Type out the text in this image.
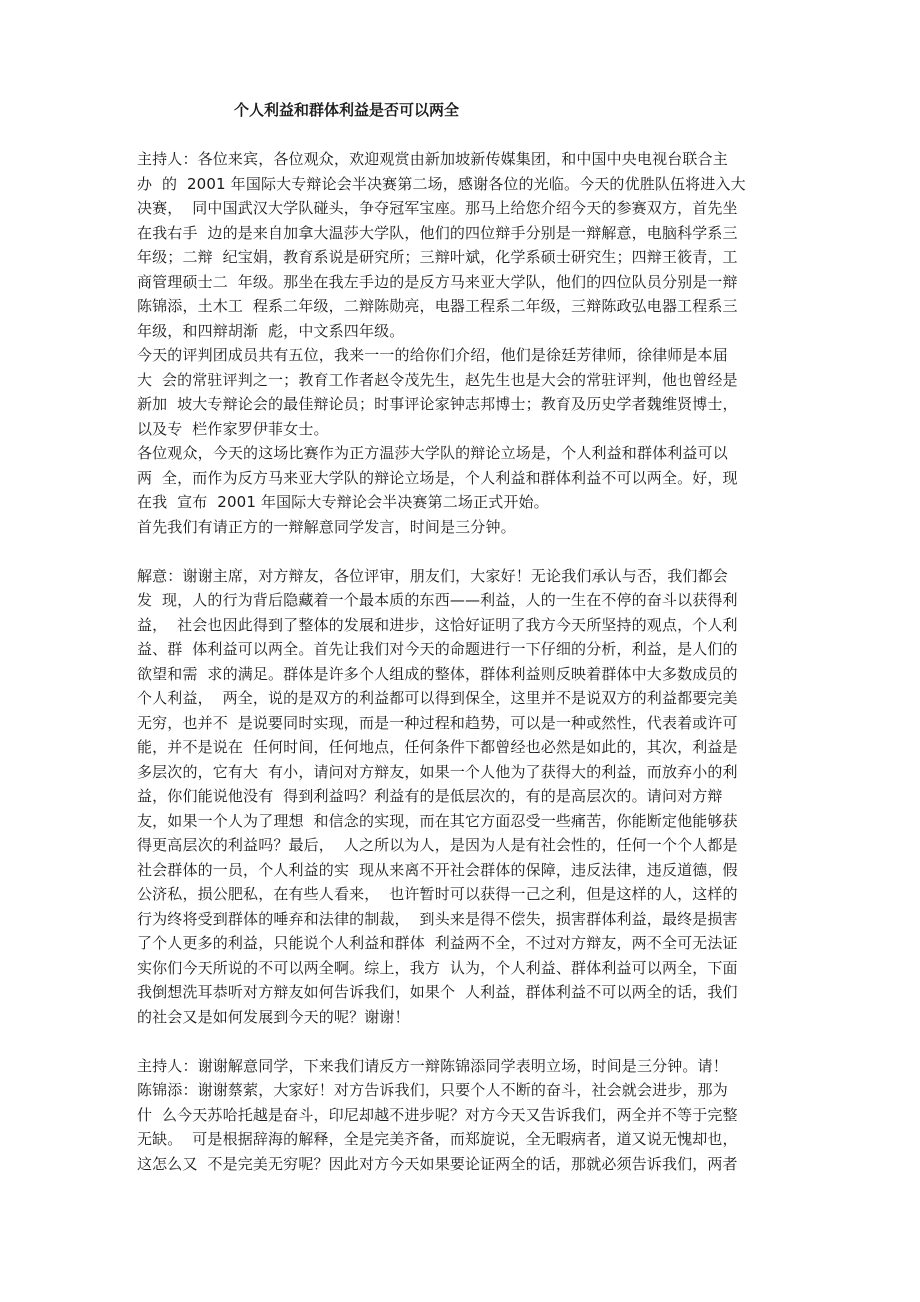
个人利益和群体利益是否可以两全

主持人：各位来宾，各位观众，欢迎观赏由新加坡新传媒集团，和中国中央电视台联合主

办  的  2001 年国际大专辩论会半决赛第二场，感谢各位的光临。今天的优胜队伍将进入大

决赛，  同中国武汉大学队碰头，争夺冠军宝座。那马上给您介绍今天的参赛双方，首先坐

在我右手  边的是来自加拿大温莎大学队，他们的四位辩手分别是一辩解意，电脑科学系三

年级；二辩  纪宝娟，教育系说是研究所；三辩叶斌，化学系硕士研究生；四辩王筱青，工

商管理硕士二  年级。那坐在我左手边的是反方马来亚大学队，他们的四位队员分别是一辩

陈锦添，土木工  程系二年级，二辩陈勋亮，电器工程系二年级，三辩陈政弘电器工程系三

年级，和四辩胡渐  彪，中文系四年级。

今天的评判团成员共有五位，我来一一的给你们介绍，他们是徐廷芳律师，徐律师是本届

大  会的常驻评判之一；教育工作者赵令茂先生，赵先生也是大会的常驻评判，他也曾经是

新加  坡大专辩论会的最佳辩论员；时事评论家钟志邦博士；教育及历史学者魏维贤博士，

以及专  栏作家罗伊菲女士。

各位观众，今天的这场比赛作为正方温莎大学队的辩论立场是，个人利益和群体利益可以

两  全，而作为反方马来亚大学队的辩论立场是，个人利益和群体利益不可以两全。好，现

在我  宣布  2001 年国际大专辩论会半决赛第二场正式开始。

首先我们有请正方的一辩解意同学发言，时间是三分钟。

解意：谢谢主席，对方辩友，各位评审，朋友们，大家好！无论我们承认与否，我们都会

发  现，人的行为背后隐藏着一个最本质的东西——利益，人的一生在不停的奋斗以获得利

益，  社会也因此得到了整体的发展和进步，这恰好证明了我方今天所坚持的观点，个人利

益、群  体利益可以两全。首先让我们对今天的命题进行一下仔细的分析，利益，是人们的

欲望和需  求的满足。群体是许多个人组成的整体，群体利益则反映着群体中大多数成员的

个人利益，  两全，说的是双方的利益都可以得到保全，这里并不是说双方的利益都要完美

无穷，也并不  是说要同时实现，而是一种过程和趋势，可以是一种或然性，代表着或许可

能，并不是说在  任何时间，任何地点，任何条件下都曾经也必然是如此的，其次，利益是

多层次的，它有大  有小，请问对方辩友，如果一个人他为了获得大的利益，而放弃小的利

益，你们能说他没有  得到利益吗？利益有的是低层次的，有的是高层次的。请问对方辩

友，如果一个人为了理想  和信念的实现，而在其它方面忍受一些痛苦，你能断定他能够获

得更高层次的利益吗？最后，  人之所以为人，是因为人是有社会性的，任何一个个人都是

社会群体的一员，个人利益的实  现从来离不开社会群体的保障，违反法律，违反道德，假

公济私，损公肥私，在有些人看来，  也许暂时可以获得一己之利，但是这样的人，这样的

行为终将受到群体的唾弃和法律的制裁，  到头来是得不偿失，损害群体利益，最终是损害

了个人更多的利益，只能说个人利益和群体  利益两不全，不过对方辩友，两不全可无法证

实你们今天所说的不可以两全啊。综上，我方  认为，个人利益、群体利益可以两全，下面

我倒想洗耳恭听对方辩友如何告诉我们，如果个  人利益，群体利益不可以两全的话，我们

的社会又是如何发展到今天的呢？谢谢！

主持人：谢谢解意同学，下来我们请反方一辩陈锦添同学表明立场，时间是三分钟。请！

陈锦添：谢谢蔡萦，大家好！对方告诉我们，只要个人不断的奋斗，社会就会进步，那为

什  么今天苏哈托越是奋斗，印尼却越不进步呢？对方今天又告诉我们，两全并不等于完整

无缺。  可是根据辞海的解释，全是完美齐备，而郑旋说，全无暇病者，道又说无愧却也，

这怎么又  不是完美无穷呢？因此对方今天如果要论证两全的话，那就必须告诉我们，两者
